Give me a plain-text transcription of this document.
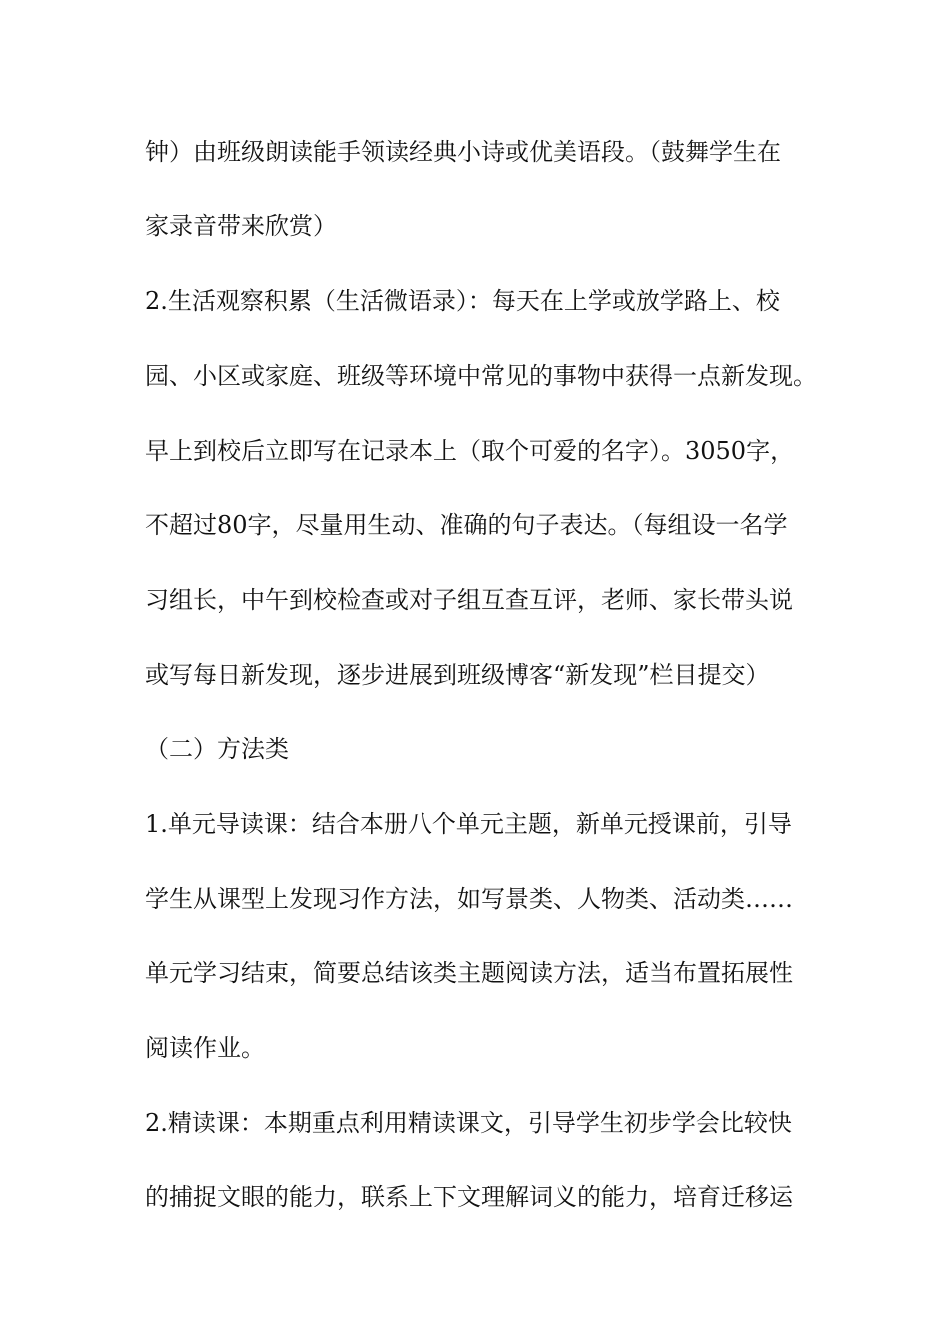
钟）由班级朗读能手领读经典小诗或优美语段。（鼓舞学生在
家录音带来欣赏）
2.生活观察积累（生活微语录）：每天在上学或放学路上、校
园、小区或家庭、班级等环境中常见的事物中获得一点新发现。
早上到校后立即写在记录本上（取个可爱的名字）。3050字，
不超过80字，尽量用生动、准确的句子表达。（每组设一名学
习组长，中午到校检查或对子组互查互评，老师、家长带头说
或写每日新发现，逐步进展到班级博客“新发现”栏目提交）
（二）方法类
1.单元导读课：结合本册八个单元主题，新单元授课前，引导
学生从课型上发现习作方法，如写景类、人物类、活动类……
单元学习结束，简要总结该类主题阅读方法，适当布置拓展性
阅读作业。
2.精读课：本期重点利用精读课文，引导学生初步学会比较快
的捕捉文眼的能力，联系上下文理解词义的能力，培育迁移运
